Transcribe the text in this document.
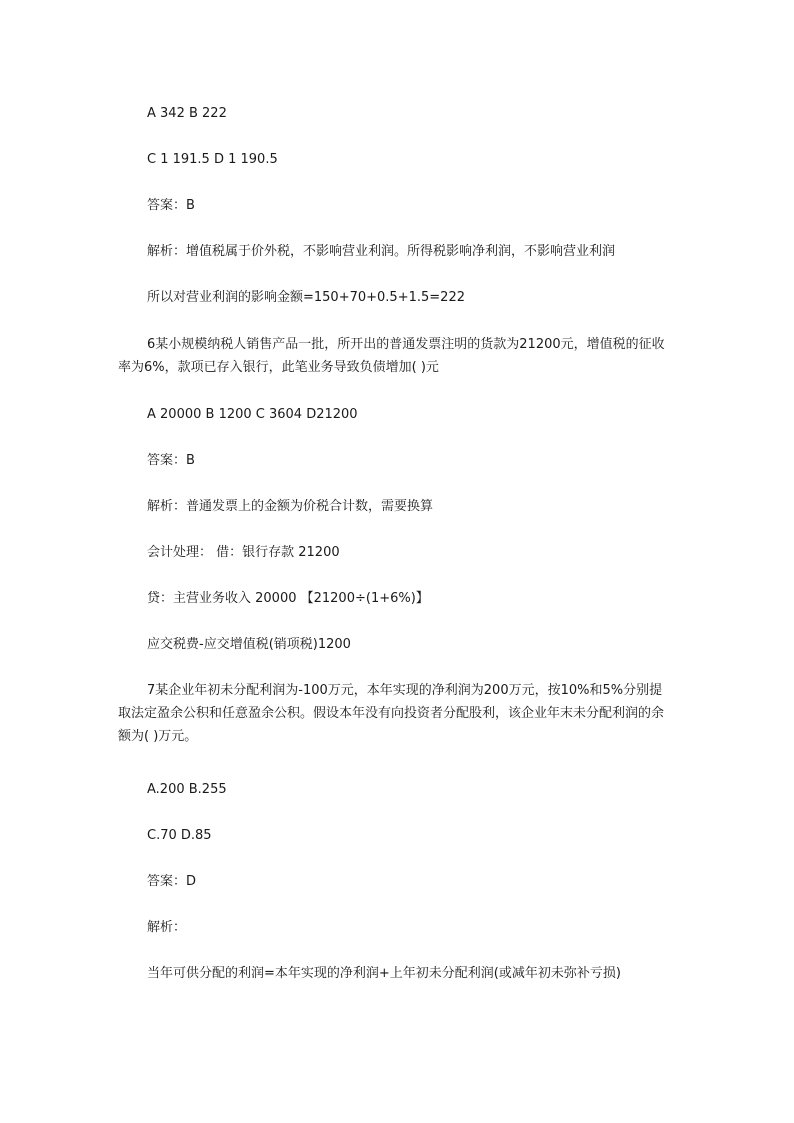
A 342 B 222
C 1 191.5 D 1 190.5
答案：B
解析：增值税属于价外税，不影响营业利润。所得税影响净利润，不影响营业利润
所以对营业利润的影响金额=150+70+0.5+1.5=222
6某小规模纳税人销售产品一批，所开出的普通发票注明的货款为21200元，增值税的征收率为6%，款项已存入银行，此笔业务导致负债增加( )元
A 20000 B 1200 C 3604 D21200
答案：B
解析：普通发票上的金额为价税合计数，需要换算
会计处理： 借：银行存款 21200
贷：主营业务收入 20000 【21200÷(1+6%)】
应交税费-应交增值税(销项税)1200
7某企业年初未分配利润为-100万元，本年实现的净利润为200万元，按10%和5%分别提取法定盈余公积和任意盈余公积。假设本年没有向投资者分配股利，该企业年末未分配利润的余额为( )万元。
A.200 B.255
C.70 D.85
答案：D
解析：
当年可供分配的利润=本年实现的净利润+上年初未分配利润(或减年初未弥补亏损)
